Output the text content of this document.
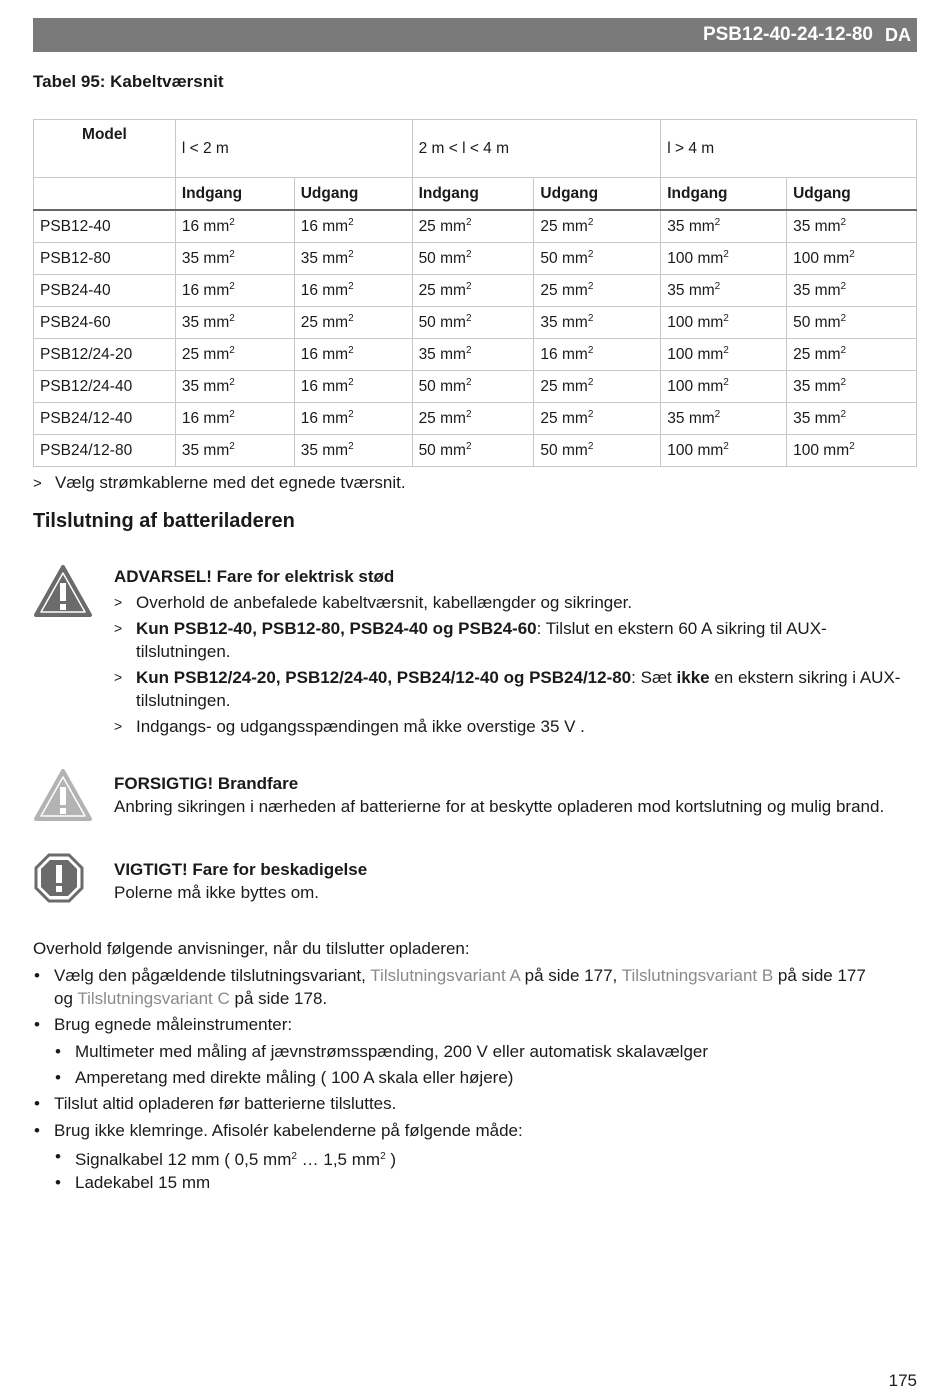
PSB12-40-24-12-80 DA
Tabel 95: Kabeltværsnit
Model	l < 2 m		2 m < l < 4 m		l > 4 m	
	Indgang	Udgang	Indgang	Udgang	Indgang	Udgang
PSB12-40	16 $mm^2$	16 $mm^2$	25 $mm^2$	25 $mm^2$	35 $mm^2$	35 $mm^2$
PSB12-80	35 $mm^2$	35 $mm^2$	50 $mm^2$	50 $mm^2$	100 $mm^2$	100 $mm^2$
PSB24-40	16 $mm^2$	16 $mm^2$	25 $mm^2$	25 $mm^2$	35 $mm^2$	35 $mm^2$
PSB24-60	35 $mm^2$	25 $mm^2$	50 $mm^2$	35 $mm^2$	100 $mm^2$	50 $mm^2$
PSB12/24-20	25 $mm^2$	16 $mm^2$	35 $mm^2$	16 $mm^2$	100 $mm^2$	25 $mm^2$
PSB12/24-40	35 $mm^2$	16 $mm^2$	50 $mm^2$	25 $mm^2$	100 $mm^2$	35 $mm^2$
PSB24/12-40	16 $mm^2$	16 $mm^2$	25 $mm^2$	25 $mm^2$	35 $mm^2$	35 $mm^2$
PSB24/12-80	35 $mm^2$	35 $mm^2$	50 $mm^2$	50 $mm^2$	100 $mm^2$	100 $mm^2$
> Vælg strømkablerne med det egnede tværsnit.
Tilslutning af batteriladeren
ADVARSEL! Fare for elektrisk stød
> Overhold de anbefalede kabeltværsnit, kabellængder og sikringer.
> Kun PSB12-40, PSB12-80, PSB24-40 og PSB24-60: Tilslut en ekstern 60 A sikring til AUX-tilslutningen.
> Kun PSB12/24-20, PSB12/24-40, PSB24/12-40 og PSB24/12-80: Sæt ikke en ekstern sikring i AUX-tilslutningen.
> Indgangs- og udgangsspændingen må ikke overstige 35 V .
FORSIGTIG! Brandfare
Anbring sikringen i nærheden af batterierne for at beskytte opladeren mod kortslutning og mulig brand.
VIGTIGT! Fare for beskadigelse
Polerne må ikke byttes om.
Overhold følgende anvisninger, når du tilslutter opladeren:
• Vælg den pågældende tilslutningsvariant, Tilslutningsvariant A på side 177, Tilslutningsvariant B på side 177
og Tilslutningsvariant C på side 178.
• Brug egnede måleinstrumenter:
• Multimeter med måling af jævnstrømsspænding, 200 V eller automatisk skalavælger
• Amperetang med direkte måling ( 100 A skala eller højere)
• Tilslut altid opladeren før batterierne tilsluttes.
• Brug ikke klemringe. Afisolér kabelenderne på følgende måde:
• Signalkabel 12 mm ( 0,5 $mm^2$ … 1,5 $mm^2$ )
• Ladekabel 15 mm
175
